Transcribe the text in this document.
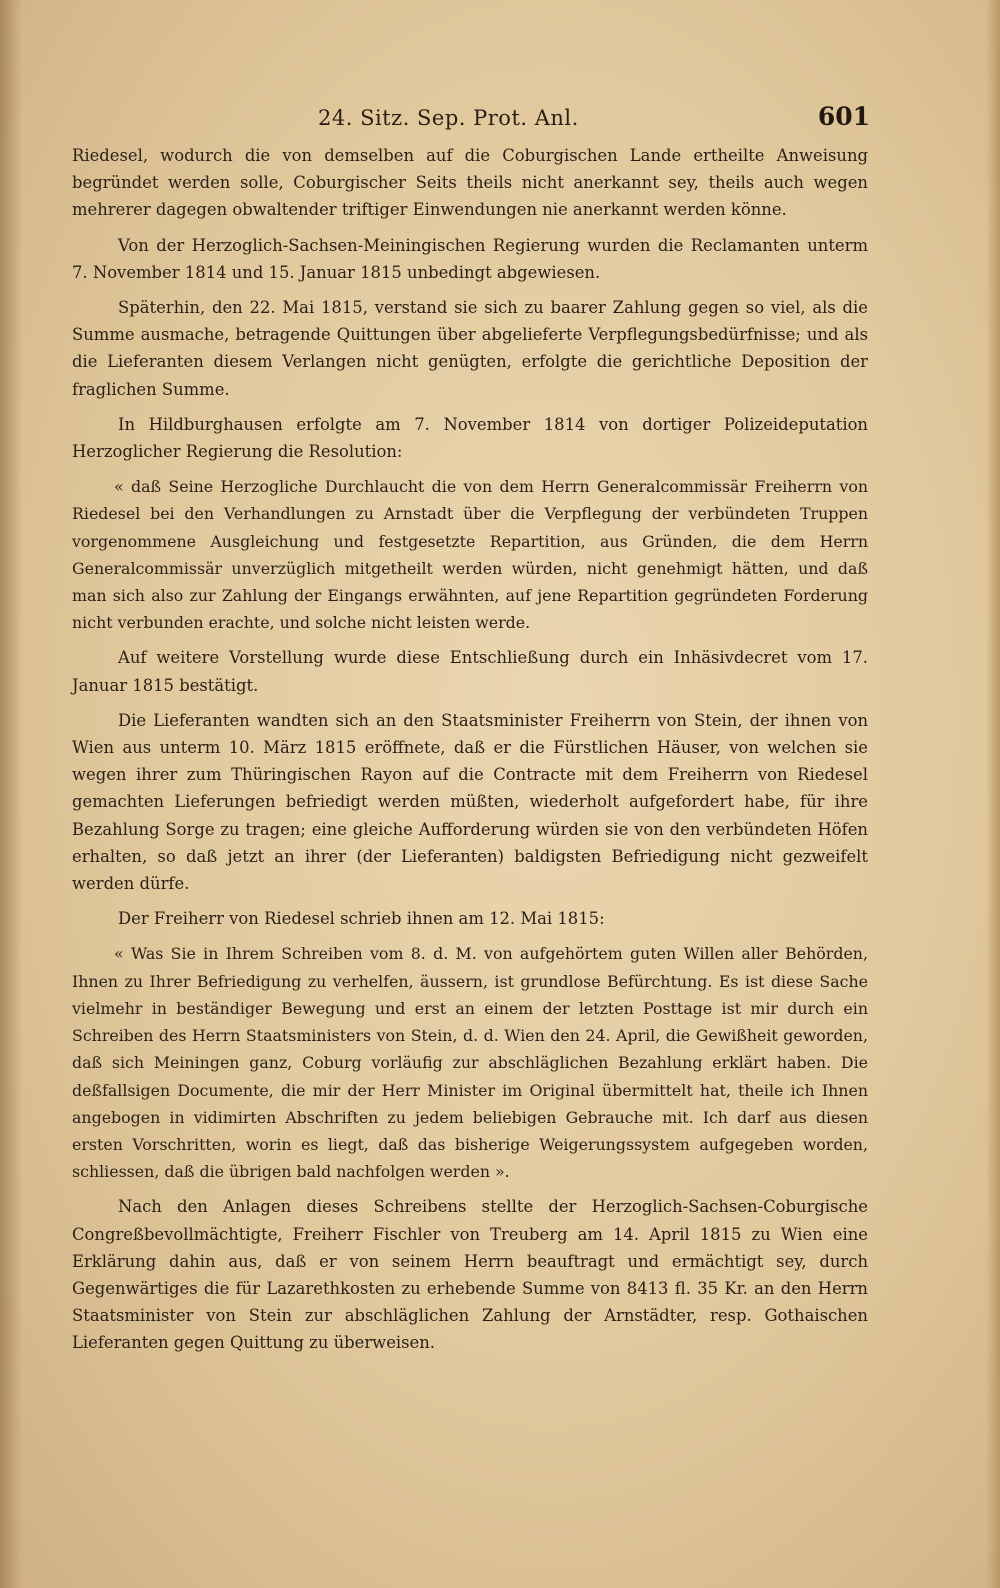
24. Sitz. Sep. Prot. Anl.	601

Riedesel, wodurch die von demselben auf die Coburgischen Lande ertheilte Anweisung begründet werden solle, Coburgischer Seits theils nicht anerkannt sey, theils auch wegen mehrerer dagegen obwaltender triftiger Einwendungen nie anerkannt werden könne.

Von der Herzoglich-Sachsen-Meiningischen Regierung wurden die Reclamanten unterm 7. November 1814 und 15. Januar 1815 unbedingt abgewiesen.

Späterhin, den 22. Mai 1815, verstand sie sich zu baarer Zahlung gegen so viel, als die Summe ausmache, betragende Quittungen über abgelieferte Verpflegungsbedürfnisse; und als die Lieferanten diesem Verlangen nicht genügten, erfolgte die gerichtliche Deposition der fraglichen Summe.

In Hildburghausen erfolgte am 7. November 1814 von dortiger Polizeideputation Herzoglicher Regierung die Resolution:

« daß Seine Herzogliche Durchlaucht die von dem Herrn Generalcommissär Freiherrn von Riedesel bei den Verhandlungen zu Arnstadt über die Verpflegung der verbündeten Truppen vorgenommene Ausgleichung und festgesetzte Repartition, aus Gründen, die dem Herrn Generalcommissär unverzüglich mitgetheilt werden würden, nicht genehmigt hätten, und daß man sich also zur Zahlung der Eingangs erwähnten, auf jene Repartition gegründeten Forderung nicht verbunden erachte, und solche nicht leisten werde.

Auf weitere Vorstellung wurde diese Entschließung durch ein Inhäsivdecret vom 17. Januar 1815 bestätigt.

Die Lieferanten wandten sich an den Staatsminister Freiherrn von Stein, der ihnen von Wien aus unterm 10. März 1815 eröffnete, daß er die Fürstlichen Häuser, von welchen sie wegen ihrer zum Thüringischen Rayon auf die Contracte mit dem Freiherrn von Riedesel gemachten Lieferungen befriedigt werden müßten, wiederholt aufgefordert habe, für ihre Bezahlung Sorge zu tragen; eine gleiche Aufforderung würden sie von den verbündeten Höfen erhalten, so daß jetzt an ihrer (der Lieferanten) baldigsten Befriedigung nicht gezweifelt werden dürfe.

Der Freiherr von Riedesel schrieb ihnen am 12. Mai 1815:

« Was Sie in Ihrem Schreiben vom 8. d. M. von aufgehörtem guten Willen aller Behörden, Ihnen zu Ihrer Befriedigung zu verhelfen, äussern, ist grundlose Befürchtung. Es ist diese Sache vielmehr in beständiger Bewegung und erst an einem der letzten Posttage ist mir durch ein Schreiben des Herrn Staatsministers von Stein, d. d. Wien den 24. April, die Gewißheit geworden, daß sich Meiningen ganz, Coburg vorläufig zur abschläglichen Bezahlung erklärt haben. Die deßfallsigen Documente, die mir der Herr Minister im Original übermittelt hat, theile ich Ihnen angebogen in vidimirten Abschriften zu jedem beliebigen Gebrauche mit. Ich darf aus diesen ersten Vorschritten, worin es liegt, daß das bisherige Weigerungssystem aufgegeben worden, schliessen, daß die übrigen bald nachfolgen werden ».

Nach den Anlagen dieses Schreibens stellte der Herzoglich-Sachsen-Coburgische Congreßbevollmächtigte, Freiherr Fischler von Treuberg am 14. April 1815 zu Wien eine Erklärung dahin aus, daß er von seinem Herrn beauftragt und ermächtigt sey, durch Gegenwärtiges die für Lazarethkosten zu erhebende Summe von 8413 fl. 35 Kr. an den Herrn Staatsminister von Stein zur abschläglichen Zahlung der Arnstädter, resp. Gothaischen Lieferanten gegen Quittung zu überweisen.
